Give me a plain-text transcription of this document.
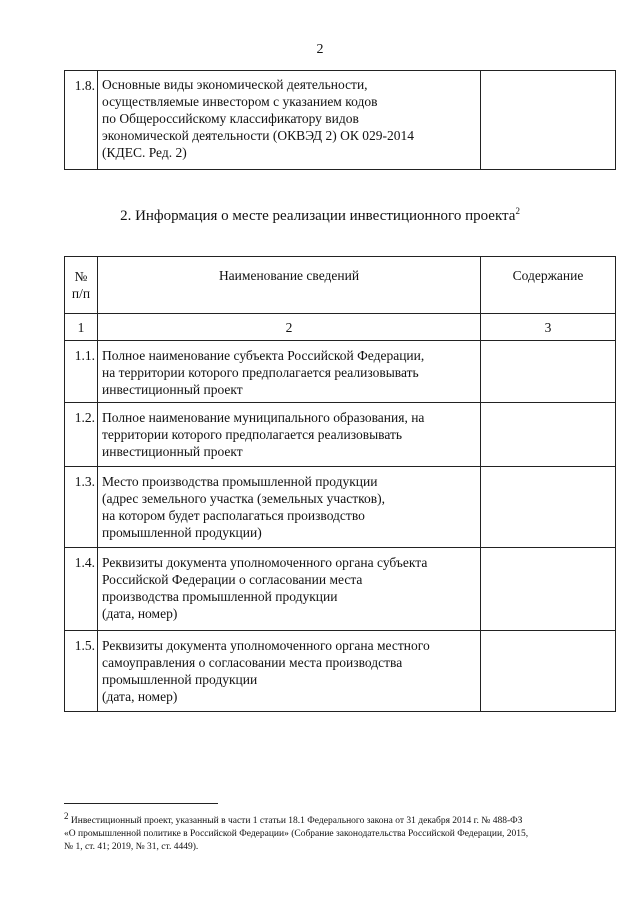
2
1.8.	Основные виды экономической деятельности,
осуществляемые инвестором с указанием кодов
по Общероссийскому классификатору видов
экономической деятельности (ОКВЭД 2) ОК 029-2014
(КДЕС. Ред. 2)

2. Информация о месте реализации инвестиционного проекта$^2$
№
п/п	Наименование сведений	Содержание
1	2	3
1.1.	Полное наименование субъекта Российской Федерации,
на территории которого предполагается реализовывать
инвестиционный проект	

1.2.	Полное наименование муниципального образования, на
территории которого предполагается реализовывать
инвестиционный проект	

1.3.	Место производства промышленной продукции
(адрес земельного участка (земельных участков),
на котором будет располагаться производство
промышленной продукции)	

1.4.	Реквизиты документа уполномоченного органа субъекта
Российской Федерации о согласовании места
производства промышленной продукции
(дата, номер)	

1.5.	Реквизиты документа уполномоченного органа местного
самоуправления о согласовании места производства
промышленной продукции
(дата, номер)	

$^2$ Инвестиционный проект, указанный в части 1 статьи 18.1 Федерального закона от 31 декабря 2014 г. № 488-ФЗ
«О промышленной политике в Российской Федерации» (Собрание законодательства Российской Федерации, 2015,
№ 1, ст. 41; 2019, № 31, ст. 4449).
